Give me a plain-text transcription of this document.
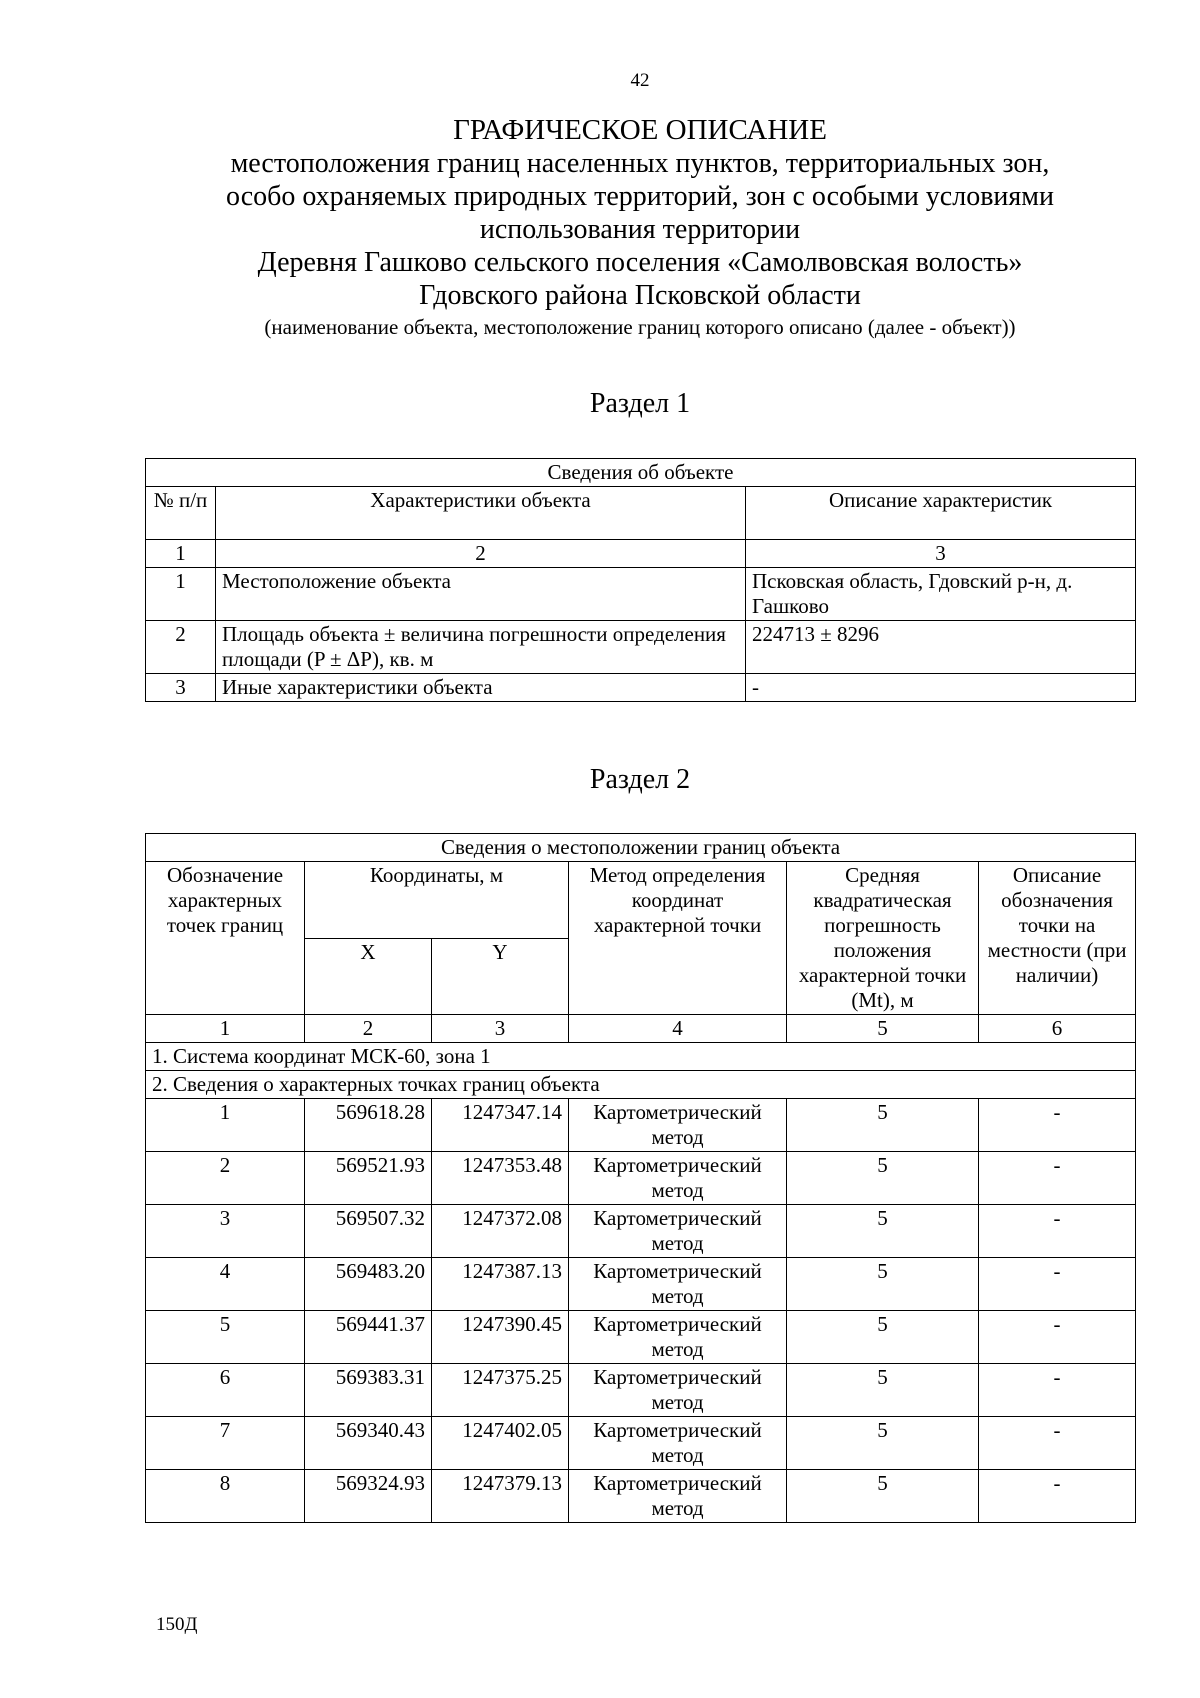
42
ГРАФИЧЕСКОЕ ОПИСАНИЕ
местоположения границ населенных пунктов, территориальных зон,
особо охраняемых природных территорий, зон с особыми условиями
использования территории
Деревня Гашково сельского поселения «Самолвовская волость»
Гдовского района Псковской области
(наименование объекта, местоположение границ которого описано (далее - объект))
Раздел 1
Сведения об объекте		
№ п/п	Характеристики объекта	Описание характеристик
1	2	3
1	Местоположение объекта	Псковская область, Гдовский р-н, д. Гашково
2	Площадь объекта ± величина погрешности определения площади (P ± ΔP), кв. м	224713 ± 8296
3	Иные характеристики объекта	-
Раздел 2
Сведения о местоположении границ объекта					
Обозначение характерных точек границ	Координаты, м		Метод определения координат характерной точки	Средняя квадратическая погрешность положения характерной точки (Mt), м	Описание обозначения точки на местности (при наличии)
	X	Y			
1	2	3	4	5	6
1. Система координат МСК-60, зона 1					
2. Сведения о характерных точках границ объекта					
1	569618.28	1247347.14	Картометрический метод	5	-
2	569521.93	1247353.48	Картометрический метод	5	-
3	569507.32	1247372.08	Картометрический метод	5	-
4	569483.20	1247387.13	Картометрический метод	5	-
5	569441.37	1247390.45	Картометрический метод	5	-
6	569383.31	1247375.25	Картометрический метод	5	-
7	569340.43	1247402.05	Картометрический метод	5	-
8	569324.93	1247379.13	Картометрический метод	5	-
150Д
